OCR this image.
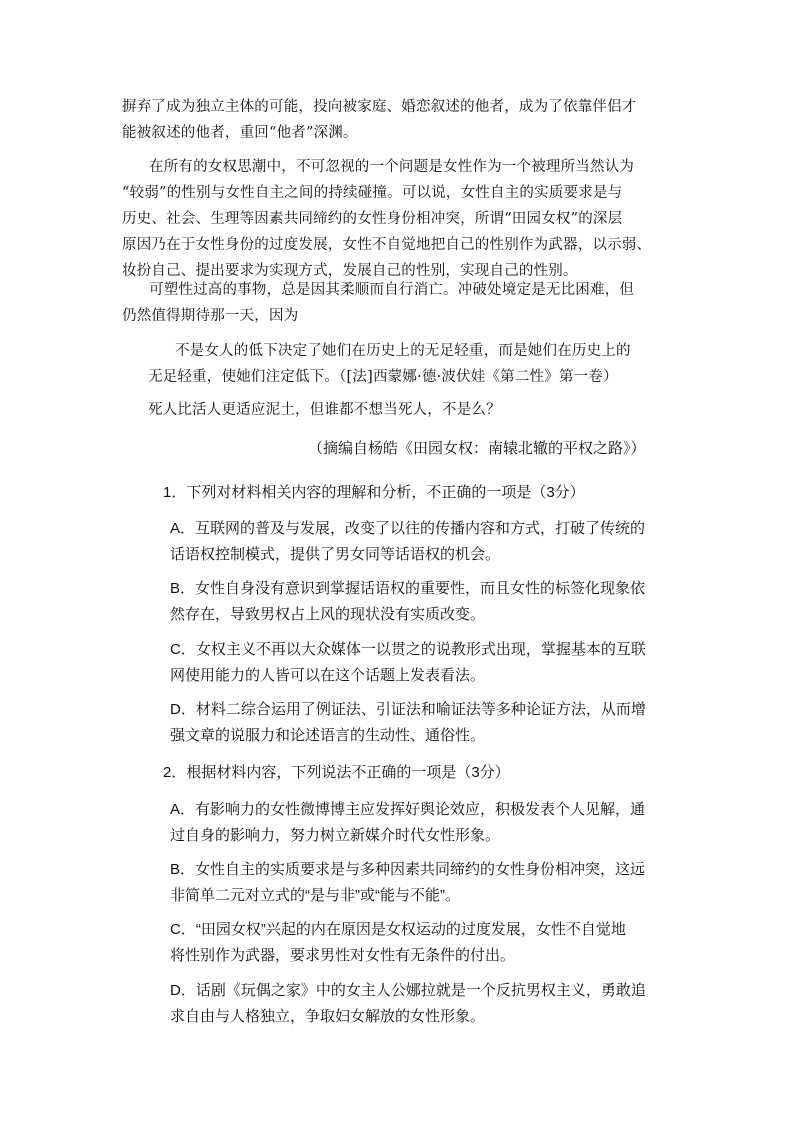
摒弃了成为独立主体的可能，投向被家庭、婚恋叙述的他者，成为了依靠伴侣才
能被叙述的他者，重回“他者”深渊。
在所有的女权思潮中，不可忽视的一个问题是女性作为一个被理所当然认为
“较弱”的性别与女性自主之间的持续碰撞。可以说，女性自主的实质要求是与
历史、社会、生理等因素共同缔约的女性身份相冲突，所谓“田园女权”的深层
原因乃在于女性身份的过度发展，女性不自觉地把自己的性别作为武器，以示弱、
妆扮自己、提出要求为实现方式，发展自己的性别，实现自己的性别。
可塑性过高的事物，总是因其柔顺而自行消亡。冲破处境定是无比困难，但
仍然值得期待那一天，因为
不是女人的低下决定了她们在历史上的无足轻重，而是她们在历史上的
无足轻重，使她们注定低下。（[法]西蒙娜·德·波伏娃《第二性》第一卷）
死人比活人更适应泥土，但谁都不想当死人，不是么？
（摘编自杨皓《田园女权：南辕北辙的平权之路》）
1．下列对材料相关内容的理解和分析，不正确的一项是（3分）
A．互联网的普及与发展，改变了以往的传播内容和方式，打破了传统的
话语权控制模式，提供了男女同等话语权的机会。
B．女性自身没有意识到掌握话语权的重要性，而且女性的标签化现象依
然存在，导致男权占上风的现状没有实质改变。
C．女权主义不再以大众媒体一以贯之的说教形式出现，掌握基本的互联
网使用能力的人皆可以在这个话题上发表看法。
D．材料二综合运用了例证法、引证法和喻证法等多种论证方法，从而增
强文章的说服力和论述语言的生动性、通俗性。
2．根据材料内容，下列说法不正确的一项是（3分）
A．有影响力的女性微博博主应发挥好舆论效应，积极发表个人见解，通
过自身的影响力，努力树立新媒介时代女性形象。
B．女性自主的实质要求是与多种因素共同缔约的女性身份相冲突，这远
非简单二元对立式的“是与非”或“能与不能”。
C．“田园女权”兴起的内在原因是女权运动的过度发展，女性不自觉地
将性别作为武器，要求男性对女性有无条件的付出。
D．话剧《玩偶之家》中的女主人公娜拉就是一个反抗男权主义，勇敢追
求自由与人格独立，争取妇女解放的女性形象。
